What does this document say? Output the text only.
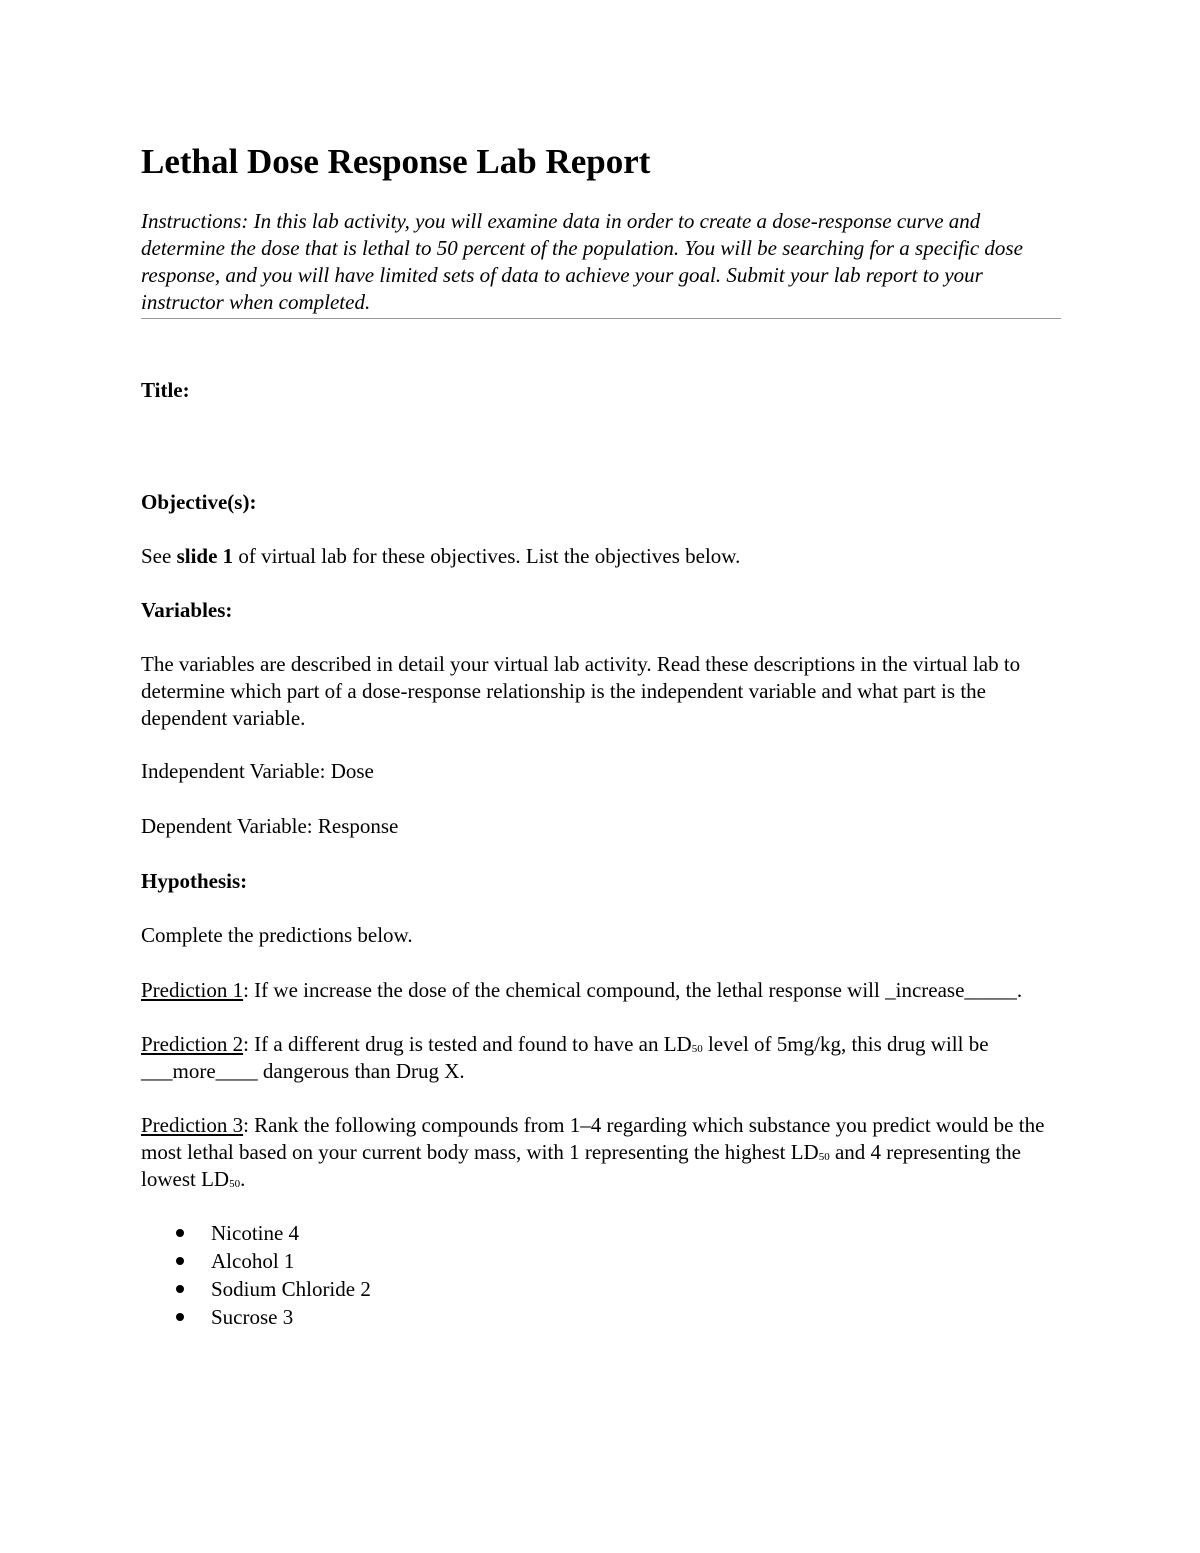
Lethal Dose Response Lab Report

Instructions: In this lab activity, you will examine data in order to create a dose-response curve and determine the dose that is lethal to 50 percent of the population. You will be searching for a specific dose response, and you will have limited sets of data to achieve your goal. Submit your lab report to your instructor when completed.

Title:

Objective(s):

See slide 1 of virtual lab for these objectives. List the objectives below.

Variables:

The variables are described in detail your virtual lab activity. Read these descriptions in the virtual lab to determine which part of a dose-response relationship is the independent variable and what part is the dependent variable.

Independent Variable: Dose

Dependent Variable: Response

Hypothesis:

Complete the predictions below.

Prediction 1: If we increase the dose of the chemical compound, the lethal response will _increase_____.

Prediction 2: If a different drug is tested and found to have an $LD_{50}$ level of 5mg/kg, this drug will be ___more____ dangerous than Drug X.

Prediction 3: Rank the following compounds from 1–4 regarding which substance you predict would be the most lethal based on your current body mass, with 1 representing the highest $LD_{50}$ and 4 representing the lowest $LD_{50}$.

Nicotine 4
Alcohol 1
Sodium Chloride 2
Sucrose 3
